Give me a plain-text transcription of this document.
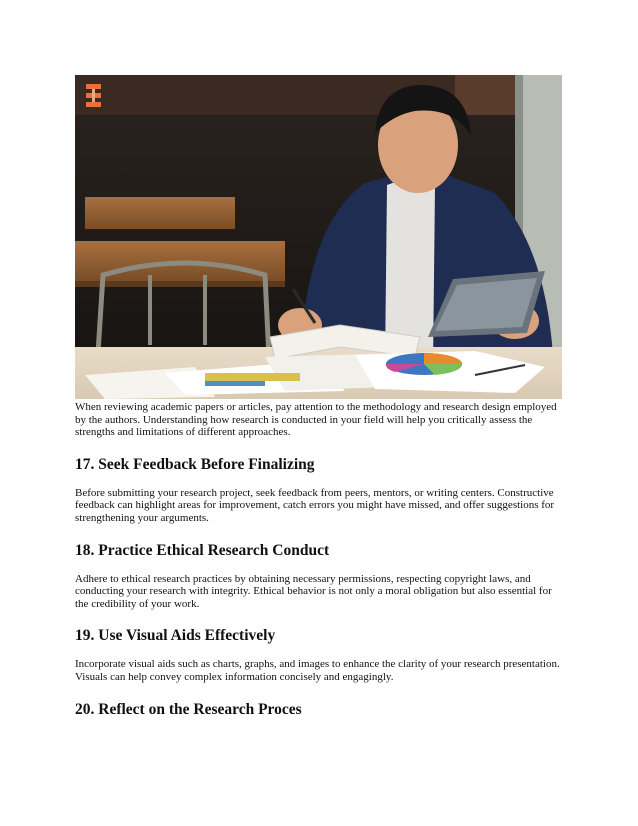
When reviewing academic papers or articles, pay attention to the methodology and research design employed by the authors. Understanding how research is conducted in your field will help you critically assess the strengths and limitations of different approaches.

17. Seek Feedback Before Finalizing

Before submitting your research project, seek feedback from peers, mentors, or writing centers. Constructive feedback can highlight areas for improvement, catch errors you might have missed, and offer suggestions for strengthening your arguments.

18. Practice Ethical Research Conduct

Adhere to ethical research practices by obtaining necessary permissions, respecting copyright laws, and conducting your research with integrity. Ethical behavior is not only a moral obligation but also essential for the credibility of your work.

19. Use Visual Aids Effectively

Incorporate visual aids such as charts, graphs, and images to enhance the clarity of your research presentation. Visuals can help convey complex information concisely and engagingly.

20. Reflect on the Research Proces
